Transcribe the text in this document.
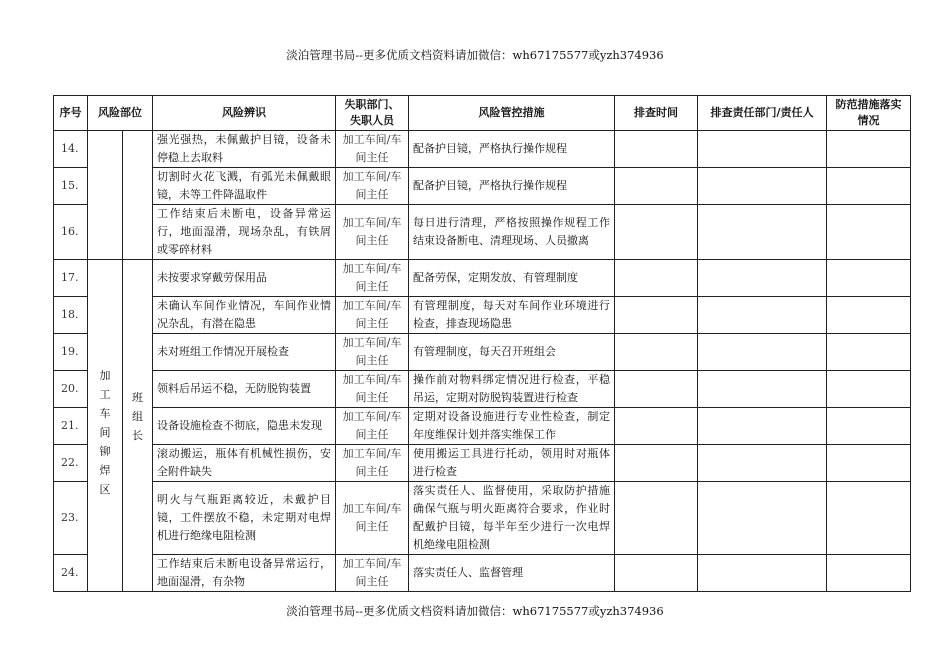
淡泊管理书局--更多优质文档资料请加微信：wh67175577或yzh374936
序号	风险部位		风险辨识	失职部门、失职人员	风险管控措施	排查时间	排查责任部门/责任人	防范措施落实情况
14.			强光强热，未佩戴护目镜，设备未停稳上去取料	加工车间/车间主任	配备护目镜，严格执行操作规程			
15.			切割时火花飞溅，有弧光未佩戴眼镜，未等工件降温取件	加工车间/车间主任	配备护目镜，严格执行操作规程			
16.			工作结束后未断电，设备异常运行，地面湿滑，现场杂乱，有铁屑或零碎材料	加工车间/车间主任	每日进行清理，严格按照操作规程工作结束设备断电、清理现场、人员撤离			
17.	加工车间铆焊区	班组长	未按要求穿戴劳保用品	加工车间/车间主任	配备劳保，定期发放、有管理制度			
18.			未确认车间作业情况，车间作业情况杂乱，有潜在隐患	加工车间/车间主任	有管理制度，每天对车间作业环境进行检查，排查现场隐患			
19.			未对班组工作情况开展检查	加工车间/车间主任	有管理制度，每天召开班组会			
20.			领料后吊运不稳，无防脱钩装置	加工车间/车间主任	操作前对物料绑定情况进行检查，平稳吊运，定期对防脱钩装置进行检查			
21.			设备设施检查不彻底，隐患未发现	加工车间/车间主任	定期对设备设施进行专业性检查，制定年度维保计划并落实维保工作			
22.			滚动搬运，瓶体有机械性损伤，安全附件缺失	加工车间/车间主任	使用搬运工具进行托动，领用时对瓶体进行检查			
23.			明火与气瓶距离较近，未戴护目镜，工件摆放不稳，未定期对电焊机进行绝缘电阻检测	加工车间/车间主任	落实责任人、监督使用，采取防护措施确保气瓶与明火距离符合要求，作业时配戴护目镜，每半年至少进行一次电焊机绝缘电阻检测			
24.			工作结束后未断电设备异常运行，地面湿滑，有杂物	加工车间/车间主任	落实责任人、监督管理			
淡泊管理书局--更多优质文档资料请加微信：wh67175577或yzh374936
